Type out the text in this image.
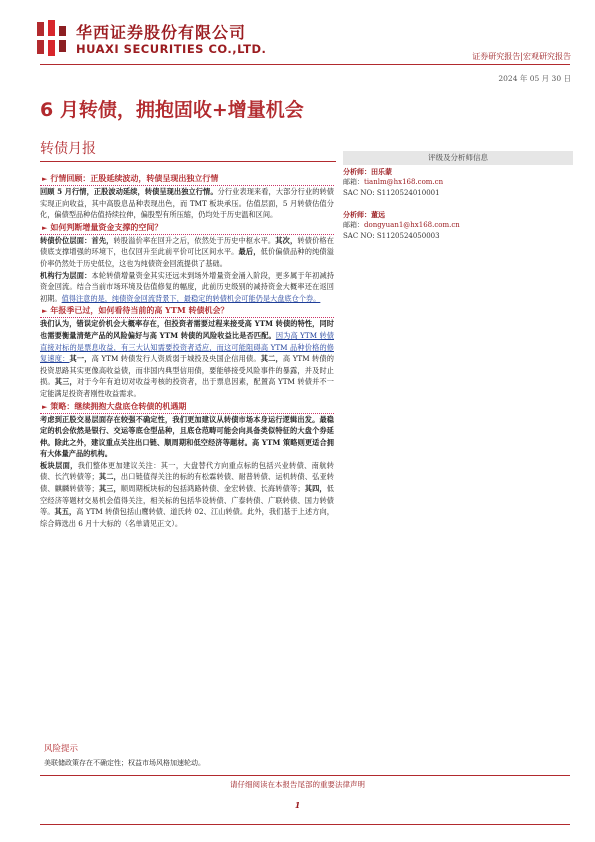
华西证券股份有限公司
HUAXI SECURITIES CO.,LTD.
证券研究报告|宏观研究报告
2024 年 05 月 30 日
6 月转债，拥抱固收+增量机会
转债月报
评级及分析师信息

分析师：田乐蒙

邮箱：tianlm@hx168.com.cn

SAC NO: S1120524010001

分析师：董远

邮箱：dongyuan1@hx168.com.cn

SAC NO: S1120524050003

► 行情回顾：正股延续波动，转债呈现出独立行情

回顾 5 月行情，正股波动延续，转债呈现出独立行情。分行业表现来看，大部分行业的转债实现正向收益，其中高股息品种表现出色，而 TMT 板块承压。估值层面，5 月转债估值分化，偏债型品种估值持续拉伸，偏股型有所压缩，仍均处于历史温和区间。

► 如何判断增量资金支撑的空间？

转债价位层面：首先，转股溢价率在回升之后，依然处于历史中枢水平。其次，转债价格在债底支撑增强的环境下，也仅回升至此前平价可比区间水平。最后，低价偏债品种的纯债溢价率仍然处于历史低位，这也为纯债资金回流提供了基础。

机构行为层面：本轮转债增量资金其实还远未到场外增量资金涌入阶段，更多属于年初减持资金回流。结合当前市场环境及估值修复的幅度，此前历史级别的减持资金大概率还在返回初期。值得注意的是，纯债资金回流背景下，最稳定的转债机会可能仍是大盘底仓个券。

► 年报季已过，如何看待当前的高 YTM 转债机会？

我们认为，错误定价机会大概率存在，但投资者需要过程来接受高 YTM 转债的特性，同时也需要衡量清楚产品的风险偏好与高 YTM 转债的风险收益比是否匹配。因为高 YTM 转债直接对标的是票息收益，有三大认知需要投资者适应，而这可能阻碍高 YTM 品种价格的修复速度：其一，高 YTM 转债发行人资质弱于城投及央国企信用债。其二，高 YTM 转债的投资思路其实更像高收益债，而非国内典型信用债，要能够接受风险事件的暴露，并及时止损。其三，对于今年有迫切对收益考核的投资者，出于票息因素，配置高 YTM 转债并不一定能满足投资者刚性收益需求。

► 策略：继续拥抱大盘底仓转债的机遇期

考虑到正股交易层面存在较强不确定性，我们更加建议从转债市场本身运行逻辑出发。最稳定的机会依然是银行、交运等底仓型品种，且底仓范畴可能会向具备类似特征的大盘个券延伸。除此之外，建议重点关注出口链、顺周期和低空经济等题材。高 YTM 策略则更适合拥有大体量产品的机构。

板块层面，我们整体更加建议关注：其一，大盘替代方向重点标的包括兴业转债、南航转债、长汽转债等；其二，出口链值得关注的标的有松霖转债、耐普转债、运机转债、弘亚转债、麒麟转债等；其三，顺周期板块标的包括鸿路转债、金宏转债、长海转债等；其四，低空经济等题材交易机会值得关注，相关标的包括华设转债、广泰转债、广联转债、国力转债等。其五，高 YTM 转债包括山鹰转债、道氏转 02、江山转债。此外，我们基于上述方向，综合筛选出 6 月十大标的（名单请见正文）。

风险提示
美联储政策存在不确定性；权益市场风格加速轮动。
请仔细阅读在本报告尾部的重要法律声明
1
